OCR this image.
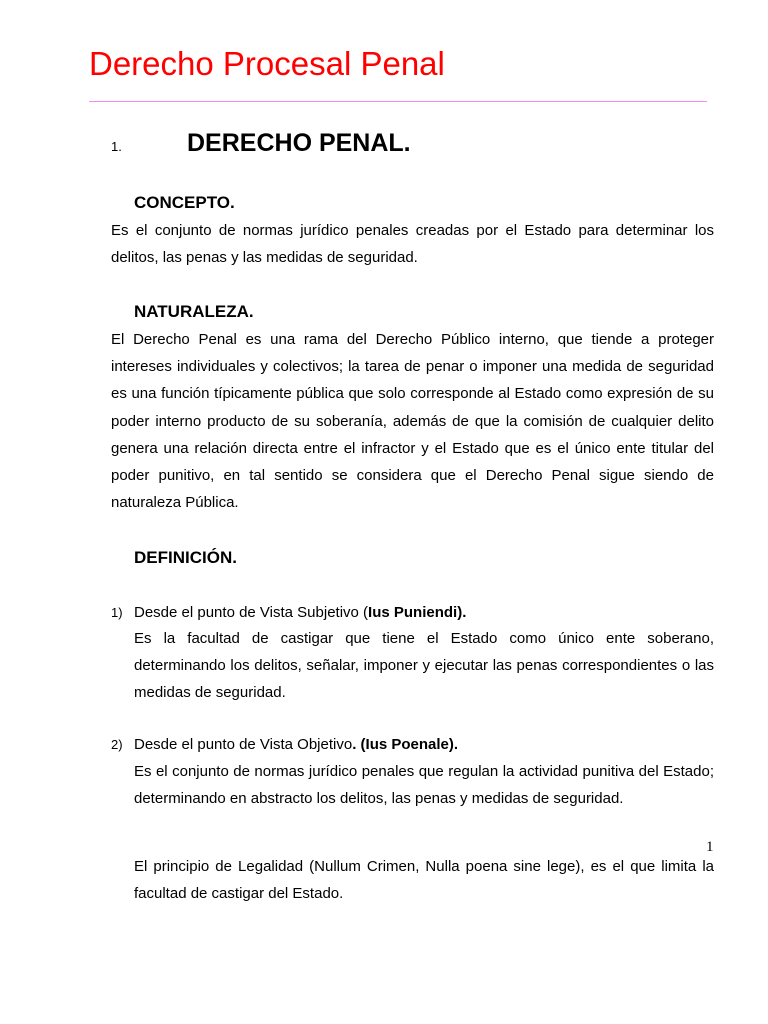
Derecho Procesal Penal
1.	DERECHO PENAL.
CONCEPTO.

Es el conjunto de normas jurídico penales creadas por el Estado para determinar los delitos, las penas y las medidas de seguridad.

NATURALEZA.

El Derecho Penal es una rama del Derecho Público interno, que tiende a proteger intereses individuales y colectivos; la tarea de penar o imponer una medida de seguridad es una función típicamente pública que solo corresponde al Estado como expresión de su poder interno producto de su soberanía, además de que la comisión de cualquier delito genera una relación directa entre el infractor y el Estado que es el único ente titular del poder punitivo, en tal sentido se considera que el Derecho Penal sigue siendo de naturaleza Pública.

DEFINICIÓN.
1) Desde el punto de Vista Subjetivo (Ius Puniendi).

Es la facultad de castigar que tiene el Estado como único ente soberano, determinando los delitos, señalar, imponer y ejecutar las penas correspondientes o las medidas de seguridad.

2) Desde el punto de Vista Objetivo. (Ius Poenale).

Es el conjunto de normas jurídico penales que regulan la actividad punitiva del Estado; determinando en abstracto los delitos, las penas y medidas de seguridad.

1

El principio de Legalidad (Nullum Crimen, Nulla poena sine lege), es el que limita la facultad de castigar del Estado.
